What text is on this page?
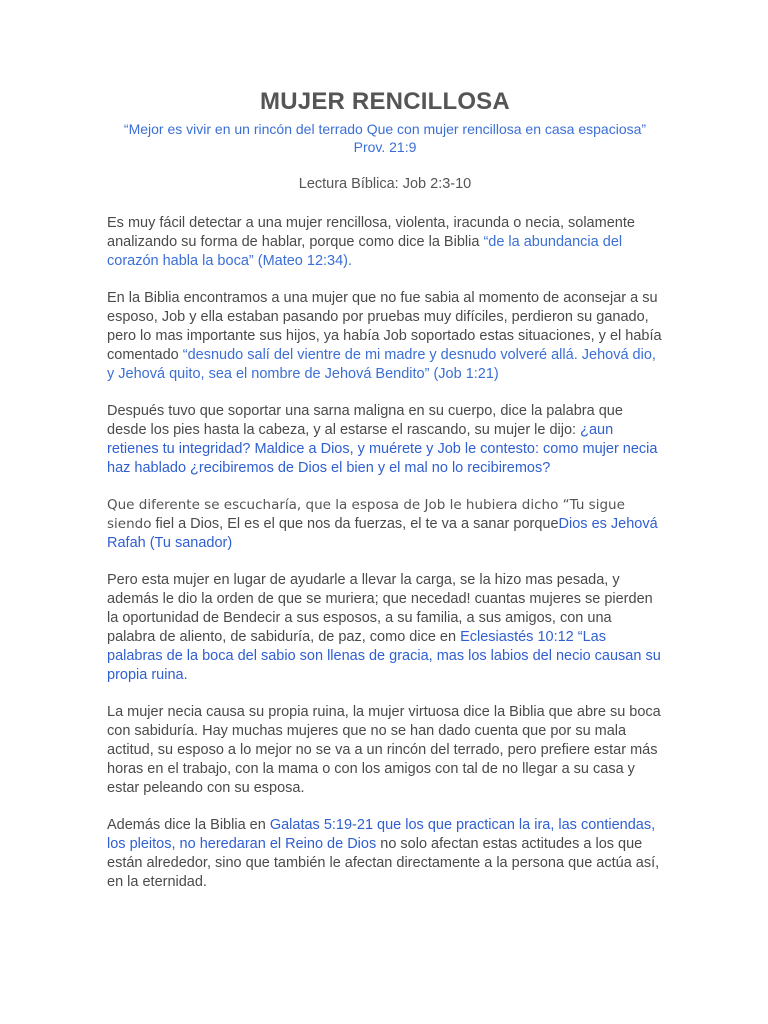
MUJER RENCILLOSA

“Mejor es vivir en un rincón del terrado Que con mujer rencillosa en casa espaciosa”

Prov. 21:9

Lectura Bíblica: Job 2:3-10

Es muy fácil detectar a una mujer rencillosa, violenta, iracunda o necia, solamente analizando su forma de hablar, porque como dice la Biblia “de la abundancia del corazón habla la boca” (Mateo 12:34).

En la Biblia encontramos a una mujer que no fue sabia al momento de aconsejar a su esposo, Job y ella estaban pasando por pruebas muy difíciles, perdieron su ganado, pero lo mas importante sus hijos, ya había Job soportado estas situaciones, y el había comentado “desnudo salí del vientre de mi madre y desnudo volveré allá. Jehová dio, y Jehová quito, sea el nombre de Jehová Bendito” (Job 1:21)

Después tuvo que soportar una sarna maligna en su cuerpo, dice la palabra que desde los pies hasta la cabeza, y al estarse el rascando, su mujer le dijo: ¿aun retienes tu integridad? Maldice a Dios, y muérete y Job le contesto: como mujer necia haz hablado ¿recibiremos de Dios el bien y el mal no lo recibiremos?

Que diferente se escucharía, que la esposa de Job le hubiera dicho “Tu sigue siendo fiel a Dios, El es el que nos da fuerzas, el te va a sanar porqueDios es Jehová Rafah (Tu sanador)

Pero esta mujer en lugar de ayudarle a llevar la carga, se la hizo mas pesada, y además le dio la orden de que se muriera; que necedad! cuantas mujeres se pierden la oportunidad de Bendecir a sus esposos, a su familia, a sus amigos, con una palabra de aliento, de sabiduría, de paz, como dice en Eclesiastés 10:12 “Las palabras de la boca del sabio son llenas de gracia, mas los labios del necio causan su propia ruina.

La mujer necia causa su propia ruina, la mujer virtuosa dice la Biblia que abre su boca con sabiduría. Hay muchas mujeres que no se han dado cuenta que por su mala actitud, su esposo a lo mejor no se va a un rincón del terrado, pero prefiere estar más horas en el trabajo, con la mama o con los amigos con tal de no llegar a su casa y estar peleando con su esposa.

Además dice la Biblia en Galatas 5:19-21 que los que practican la ira, las contiendas, los pleitos, no heredaran el Reino de Dios no solo afectan estas actitudes a los que están alrededor, sino que también le afectan directamente a la persona que actúa así, en la eternidad.
